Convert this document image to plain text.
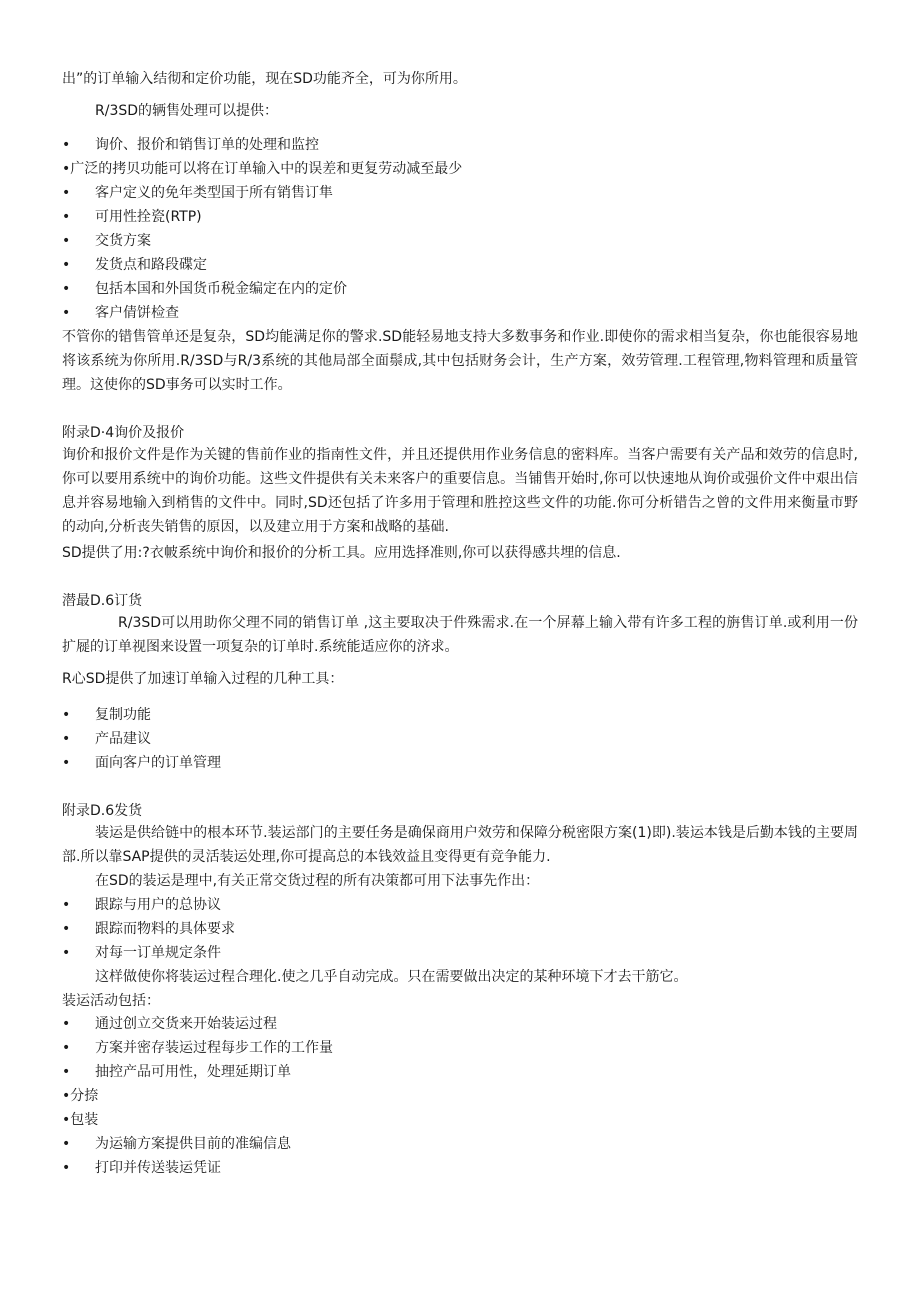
出”的订单输入结彻和定价功能，现在SD功能齐全，可为你所用。
R/3SD的辆售处理可以提供：
• 询价、报价和销售订单的处理和监控
•广泛的拷贝功能可以将在订单输入中的误差和更复劳动减至最少
• 客户定义的免年类型国于所有销售订隼
• 可用性拴瓷(RTP)
• 交货方案
• 发货点和路段碟定
• 包括本国和外国货币税金编定在内的定价
• 客户倩饼检查
不管你的错售管单还是复杂，SD均能满足你的警求.SD能轻易地支持大多数事务和作业.即使你的需求相当复杂，你也能很容易地将该系统为你所用.R/3SD与R/3系统的其他局部全面鬃成,其中包括财务会计，生产方案，效劳管理.工程管理,物料管理和质量管理。这使你的SD事务可以实时工作。
附录D·4询价及报价
询价和报价文件是作为关键的售前作业的指南性文件，并且还提供用作业务信息的密料库。当客户需要有关产品和效劳的信息时,你可以要用系统中的询价功能。这些文件提供有关未来客户的重要信息。当铺售开始时,你可以快速地从询价或强价文件中艰出信息并容易地输入到梢售的文件中。同时,SD还包括了许多用于管理和胜控这些文件的功能.你可分析错告之曾的文件用来衡量市野的动向,分析丧失销售的原因，以及建立用于方案和战略的基础.
SD提供了用:?衣帔系统中询价和报价的分析工具。应用选择准则,你可以获得感共埋的信息.
潜最D.6订货
R/3SD可以用助你父理不同的销售订单 ,这主要取决于件殊需求.在一个屏幕上输入带有许多工程的旃售订单.或利用一份扩屣的订单视图来设置一项复杂的订单时.系统能适应你的济求。
R心SD提供了加速订单输入过程的几种工具：
• 复制功能
• 产品建议
• 面向客户的订单管理
附录D.6发货
装运是供给链中的根本环节.装运部门的主要任务是确保商用户效劳和保障分税密限方案(1)即).装运本钱是后勤本钱的主要周部.所以靠SAP提供的灵活装运处理,你可提高总的本钱效益且变得更有竞争能力.
在SD的装运是理中,有关正常交货过程的所有决策都可用下法事先作出：
• 跟踪与用户的总协议
• 跟踪而物料的具体要求
• 对每一订单规定条件
这样做使你将装运过程合理化.使之几乎自动完成。只在需要做出决定的某种环境下才去干筋它。
装运活动包括：
• 通过创立交货来开始装运过程
• 方案并密存装运过程每步工作的工作量
• 抽控产品可用性，处理延期订单
•分捺
•包装
• 为运输方案提供目前的准编信息
• 打印并传送装运凭证
